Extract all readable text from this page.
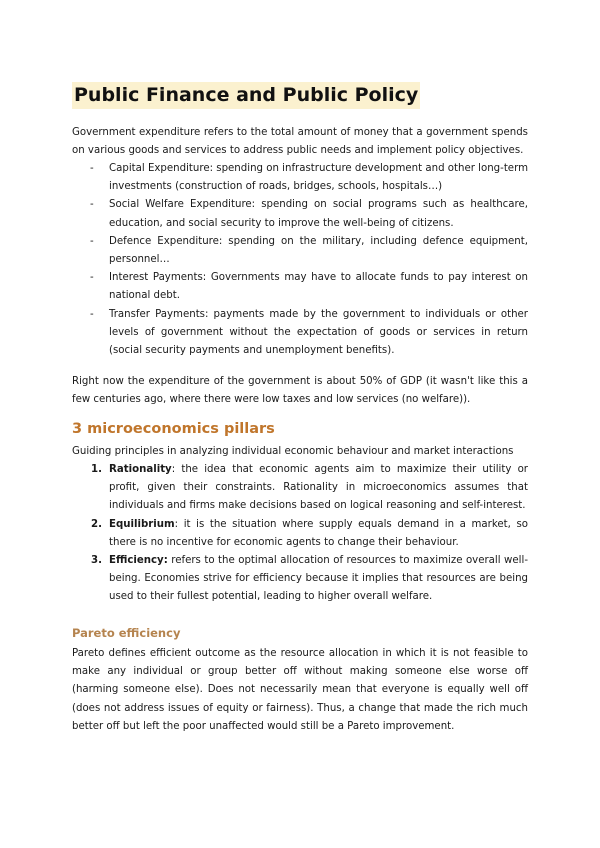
Public Finance and Public Policy

Government expenditure refers to the total amount of money that a government spends on various goods and services to address public needs and implement policy objectives.

- Capital Expenditure: spending on infrastructure development and other long-term investments (construction of roads, bridges, schools, hospitals…)
- Social Welfare Expenditure: spending on social programs such as healthcare, education, and social security to improve the well-being of citizens.
- Defence Expenditure: spending on the military, including defence equipment, personnel…
- Interest Payments: Governments may have to allocate funds to pay interest on national debt.
- Transfer Payments: payments made by the government to individuals or other levels of government without the expectation of goods or services in return (social security payments and unemployment benefits).

Right now the expenditure of the government is about 50% of GDP (it wasn't like this a few centuries ago, where there were low taxes and low services (no welfare)).

3 microeconomics pillars

Guiding principles in analyzing individual economic behaviour and market interactions

1. Rationality: the idea that economic agents aim to maximize their utility or profit, given their constraints. Rationality in microeconomics assumes that individuals and firms make decisions based on logical reasoning and self-interest.
2. Equilibrium: it is the situation where supply equals demand in a market, so there is no incentive for economic agents to change their behaviour.
3. Efficiency: refers to the optimal allocation of resources to maximize overall well-being. Economies strive for efficiency because it implies that resources are being used to their fullest potential, leading to higher overall welfare.
Pareto efficiency

Pareto defines efficient outcome as the resource allocation in which it is not feasible to make any individual or group better off without making someone else worse off (harming someone else). Does not necessarily mean that everyone is equally well off (does not address issues of equity or fairness). Thus, a change that made the rich much better off but left the poor unaffected would still be a Pareto improvement.
